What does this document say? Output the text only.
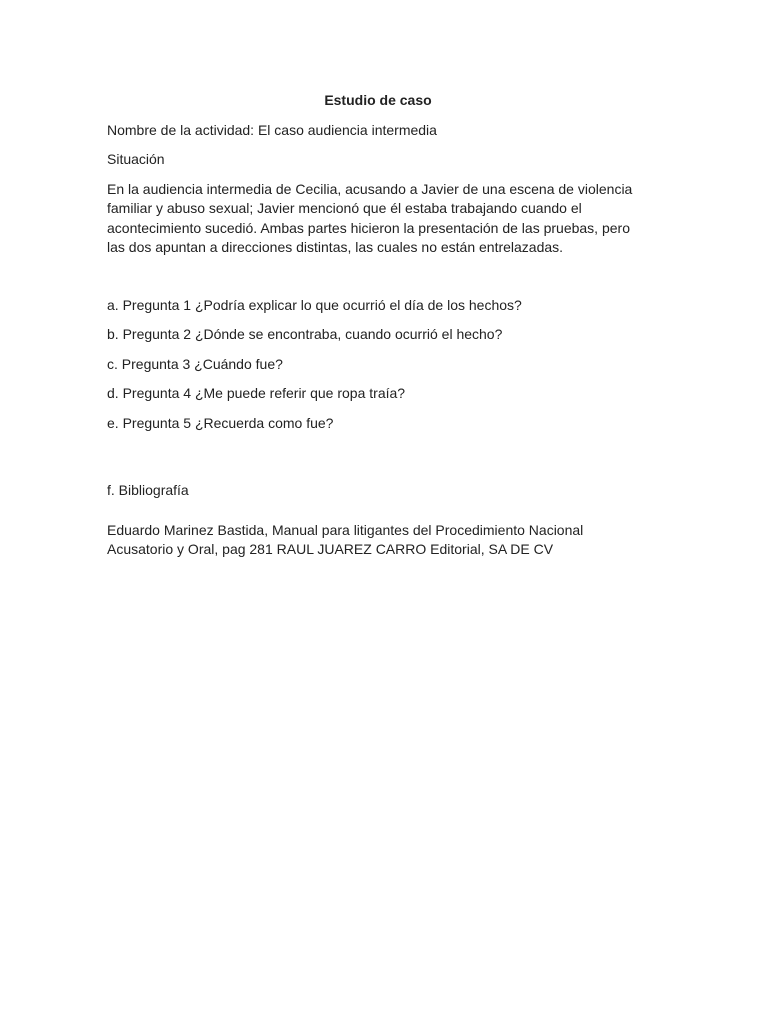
Estudio de caso

Nombre de la actividad: El caso audiencia intermedia

Situación

En la audiencia intermedia de Cecilia, acusando a Javier de una escena de violencia familiar y abuso sexual; Javier mencionó que él estaba trabajando cuando el acontecimiento sucedió. Ambas partes hicieron la presentación de las pruebas, pero las dos apuntan a direcciones distintas, las cuales no están entrelazadas.

a. Pregunta 1 ¿Podría explicar lo que ocurrió el día de los hechos?

b. Pregunta 2 ¿Dónde se encontraba, cuando ocurrió el hecho?

c. Pregunta 3 ¿Cuándo fue?

d. Pregunta 4 ¿Me puede referir que ropa traía?

e. Pregunta 5 ¿Recuerda como fue?

f. Bibliografía

Eduardo Marinez Bastida, Manual para litigantes del Procedimiento Nacional Acusatorio y Oral, pag 281 RAUL JUAREZ CARRO Editorial, SA DE CV
